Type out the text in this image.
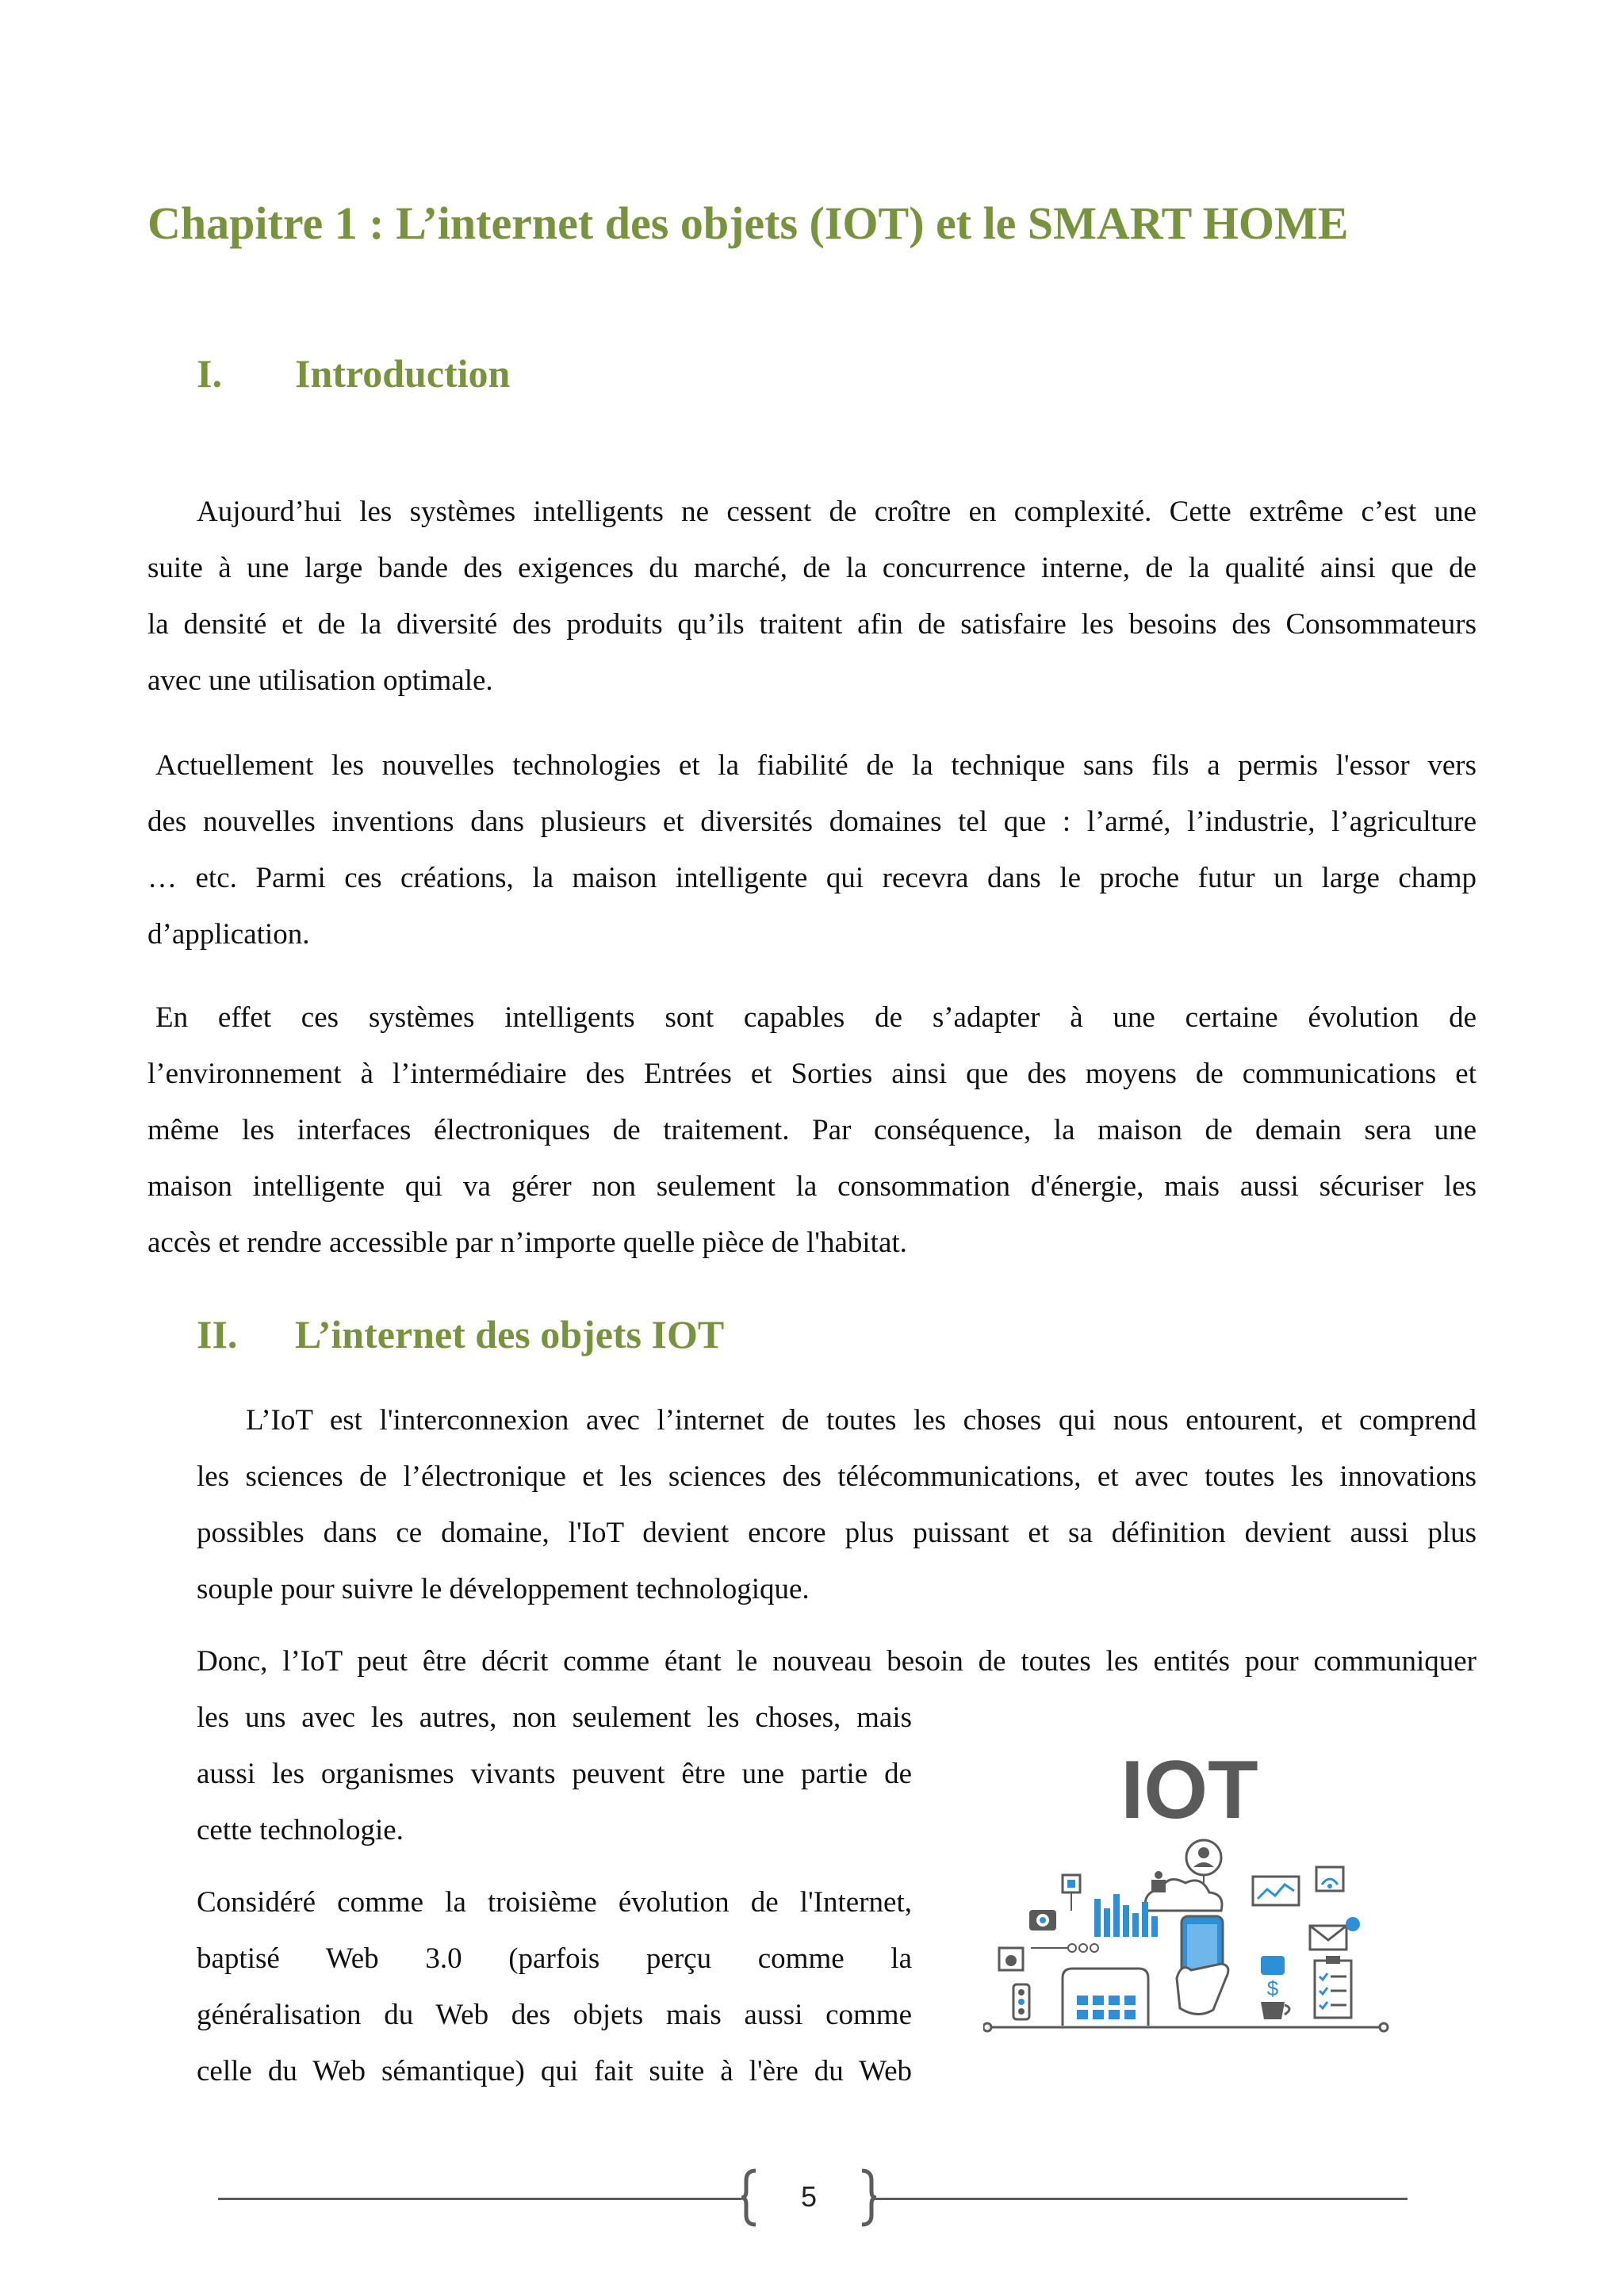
Chapitre 1 : L’internet des objets (IOT) et le SMART HOME
I. Introduction
Aujourd’hui les systèmes intelligents ne cessent de croître en complexité. Cette extrême c’est une
suite à une large bande des exigences du marché, de la concurrence interne, de la qualité ainsi que de
la densité et de la diversité des produits qu’ils traitent afin de satisfaire les besoins des Consommateurs
avec une utilisation optimale.
Actuellement les nouvelles technologies et la fiabilité de la technique sans fils a permis l'essor vers
des nouvelles inventions dans plusieurs et diversités domaines tel que : l’armé, l’industrie, l’agriculture
… etc. Parmi ces créations, la maison intelligente qui recevra dans le proche futur un large champ
d’application.
En effet ces systèmes intelligents sont capables de s’adapter à une certaine évolution de
l’environnement à l’intermédiaire des Entrées et Sorties ainsi que des moyens de communications et
même les interfaces électroniques de traitement. Par conséquence, la maison de demain sera une
maison intelligente qui va gérer non seulement la consommation d'énergie, mais aussi sécuriser les
accès et rendre accessible par n’importe quelle pièce de l'habitat.
II. L’internet des objets IOT
L’IoT est l'interconnexion avec l’internet de toutes les choses qui nous entourent, et comprend
les sciences de l’électronique et les sciences des télécommunications, et avec toutes les innovations
possibles dans ce domaine, l'IoT devient encore plus puissant et sa définition devient aussi plus
souple pour suivre le développement technologique.
Donc, l’IoT peut être décrit comme étant le nouveau besoin de toutes les entités pour communiquer
les uns avec les autres, non seulement les choses, mais
aussi les organismes vivants peuvent être une partie de
cette technologie.
Considéré comme la troisième évolution de l'Internet,
baptisé Web 3.0 (parfois perçu comme la
généralisation du Web des objets mais aussi comme
celle du Web sémantique) qui fait suite à l'ère du Web
IOT
$
5
